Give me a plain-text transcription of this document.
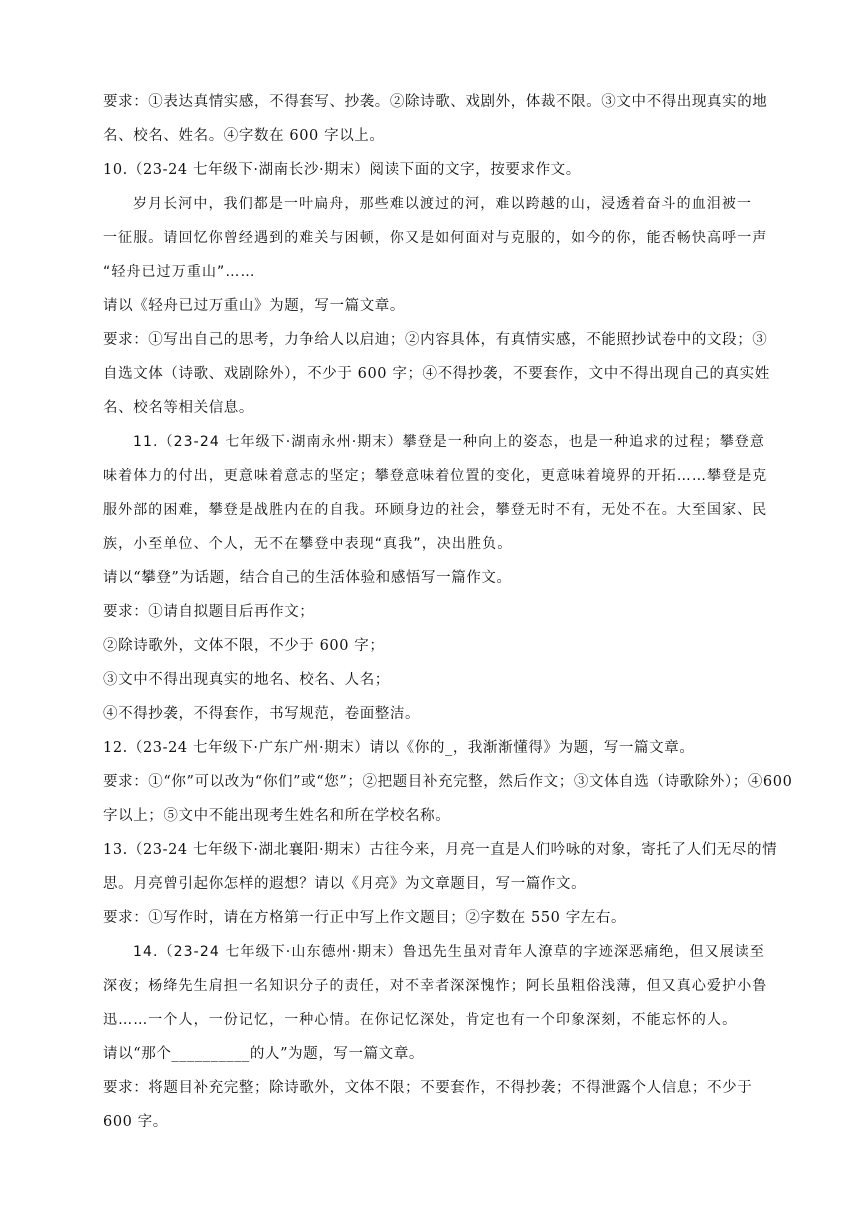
要求：①表达真情实感，不得套写、抄袭。②除诗歌、戏剧外，体裁不限。③文中不得出现真实的地
名、校名、姓名。④字数在 600 字以上。
10.（23-24 七年级下·湖南长沙·期末）阅读下面的文字，按要求作文。
岁月长河中，我们都是一叶扁舟，那些难以渡过的河，难以跨越的山，浸透着奋斗的血泪被一
一征服。请回忆你曾经遇到的难关与困顿，你又是如何面对与克服的，如今的你，能否畅快高呼一声
“轻舟已过万重山”……
请以《轻舟已过万重山》为题，写一篇文章。
要求：①写出自己的思考，力争给人以启迪；②内容具体，有真情实感，不能照抄试卷中的文段；③
自选文体（诗歌、戏剧除外），不少于 600 字；④不得抄袭，不要套作，文中不得出现自己的真实姓
名、校名等相关信息。
11.（23-24 七年级下·湖南永州·期末）攀登是一种向上的姿态，也是一种追求的过程；攀登意
味着体力的付出，更意味着意志的坚定；攀登意味着位置的变化，更意味着境界的开拓……攀登是克
服外部的困难，攀登是战胜内在的自我。环顾身边的社会，攀登无时不有，无处不在。大至国家、民
族，小至单位、个人，无不在攀登中表现“真我”，决出胜负。
请以“攀登”为话题，结合自己的生活体验和感悟写一篇作文。
要求：①请自拟题目后再作文；
②除诗歌外，文体不限，不少于 600 字；
③文中不得出现真实的地名、校名、人名；
④不得抄袭，不得套作，书写规范，卷面整洁。
12.（23-24 七年级下·广东广州·期末）请以《你的_，我渐渐懂得》为题，写一篇文章。
要求：①“你”可以改为“你们”或“您”；②把题目补充完整，然后作文；③文体自选（诗歌除外）；④600
字以上；⑤文中不能出现考生姓名和所在学校名称。
13.（23-24 七年级下·湖北襄阳·期末）古往今来，月亮一直是人们吟咏的对象，寄托了人们无尽的情
思。月亮曾引起你怎样的遐想？请以《月亮》为文章题目，写一篇作文。
要求：①写作时，请在方格第一行正中写上作文题目；②字数在 550 字左右。
14.（23-24 七年级下·山东德州·期末）鲁迅先生虽对青年人潦草的字迹深恶痛绝，但又展读至
深夜；杨绛先生肩担一名知识分子的责任，对不幸者深深愧怍；阿长虽粗俗浅薄，但又真心爱护小鲁
迅……一个人，一份记忆，一种心情。在你记忆深处，肯定也有一个印象深刻，不能忘怀的人。
请以“那个__________的人”为题，写一篇文章。
要求：将题目补充完整；除诗歌外，文体不限；不要套作，不得抄袭；不得泄露个人信息；不少于
600 字。
